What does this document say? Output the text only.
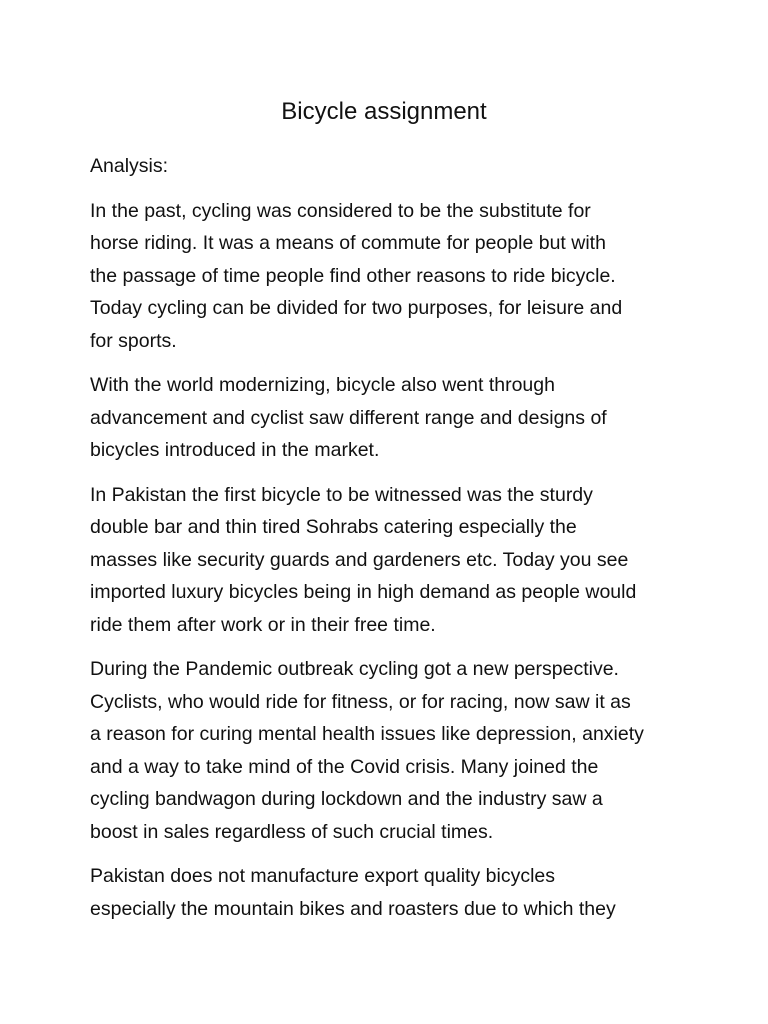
Bicycle assignment

Analysis:

In the past, cycling was considered to be the substitute for
horse riding. It was a means of commute for people but with
the passage of time people find other reasons to ride bicycle.
Today cycling can be divided for two purposes, for leisure and
for sports.

With the world modernizing, bicycle also went through
advancement and cyclist saw different range and designs of
bicycles introduced in the market.

In Pakistan the first bicycle to be witnessed was the sturdy
double bar and thin tired Sohrabs catering especially the
masses like security guards and gardeners etc. Today you see
imported luxury bicycles being in high demand as people would
ride them after work or in their free time.

During the Pandemic outbreak cycling got a new perspective.
Cyclists, who would ride for fitness, or for racing, now saw it as
a reason for curing mental health issues like depression, anxiety
and a way to take mind of the Covid crisis. Many joined the
cycling bandwagon during lockdown and the industry saw a
boost in sales regardless of such crucial times.

Pakistan does not manufacture export quality bicycles
especially the mountain bikes and roasters due to which they
